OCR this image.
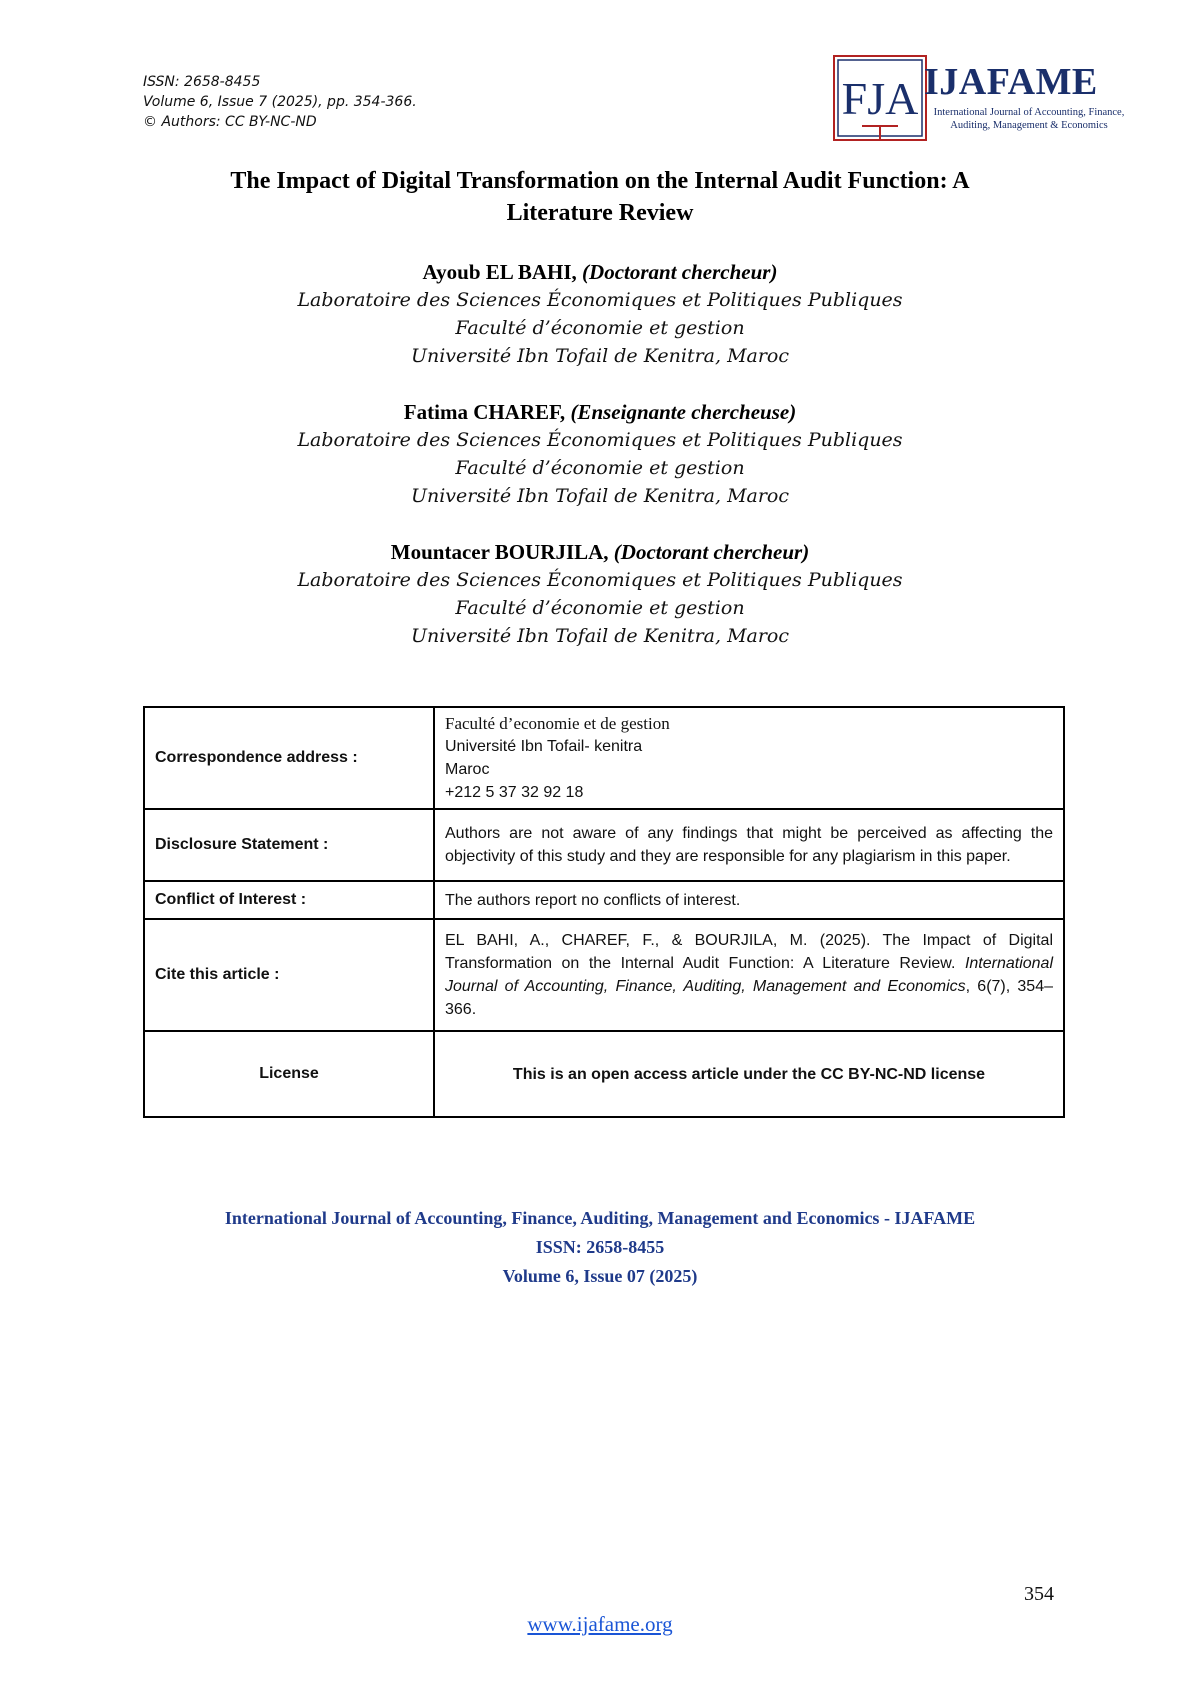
ISSN: 2658-8455
Volume 6, Issue 7 (2025), pp. 354-366.
© Authors: CC BY-NC-ND	FJA IJAFAME
International Journal of Accounting, Finance,
Auditing, Management & Economics
The Impact of Digital Transformation on the Internal Audit Function: A
Literature Review
Ayoub EL BAHI, (Doctorant chercheur)
Laboratoire des Sciences Économiques et Politiques Publiques
Faculté d’économie et gestion
Université Ibn Tofail de Kenitra, Maroc
Fatima CHAREF, (Enseignante chercheuse)
Laboratoire des Sciences Économiques et Politiques Publiques
Faculté d’économie et gestion
Université Ibn Tofail de Kenitra, Maroc
Mountacer BOURJILA, (Doctorant chercheur)
Laboratoire des Sciences Économiques et Politiques Publiques
Faculté d’économie et gestion
Université Ibn Tofail de Kenitra, Maroc
Correspondence address :	Faculté d’economie et de gestion
Université Ibn Tofail- kenitra
Maroc
+212 5 37 32 92 18

Disclosure Statement :	Authors are not aware of any findings that might be perceived as affecting the objectivity of this study and they are responsible for any plagiarism in this paper.
Conflict of Interest :	The authors report no conflicts of interest.
Cite this article :	EL BAHI, A., CHAREF, F., & BOURJILA, M. (2025). The Impact of Digital Transformation on the Internal Audit Function: A Literature Review. International Journal of Accounting, Finance, Auditing, Management and Economics, 6(7), 354–366.
License	This is an open access article under the CC BY-NC-ND license
International Journal of Accounting, Finance, Auditing, Management and Economics - IJAFAME
ISSN: 2658-8455
Volume 6, Issue 07 (2025)
354
www.ijafame.org
